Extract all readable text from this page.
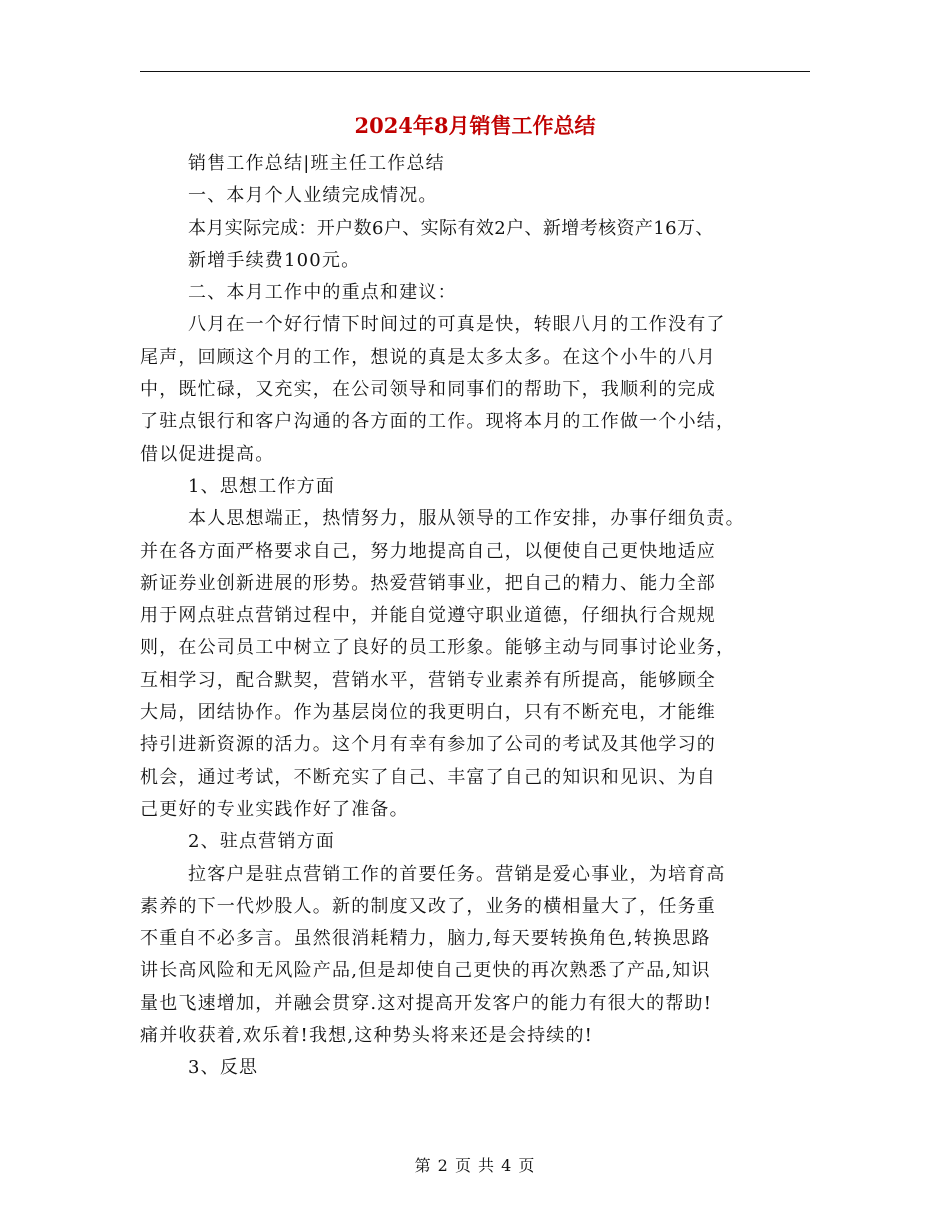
2024年8月销售工作总结
销售工作总结|班主任工作总结
一、本月个人业绩完成情况。
本月实际完成：开户数6户、实际有效2户、新增考核资产16万、
新增手续费100元。
二、本月工作中的重点和建议：
八月在一个好行情下时间过的可真是快，转眼八月的工作没有了
尾声，回顾这个月的工作，想说的真是太多太多。在这个小牛的八月
中，既忙碌，又充实，在公司领导和同事们的帮助下，我顺利的完成
了驻点银行和客户沟通的各方面的工作。现将本月的工作做一个小结，
借以促进提高。
1、思想工作方面
本人思想端正，热情努力，服从领导的工作安排，办事仔细负责。
并在各方面严格要求自己，努力地提高自己，以便使自己更快地适应
新证券业创新进展的形势。热爱营销事业，把自己的精力、能力全部
用于网点驻点营销过程中，并能自觉遵守职业道德，仔细执行合规规
则，在公司员工中树立了良好的员工形象。能够主动与同事讨论业务，
互相学习，配合默契，营销水平，营销专业素养有所提高，能够顾全
大局，团结协作。作为基层岗位的我更明白，只有不断充电，才能维
持引进新资源的活力。这个月有幸有参加了公司的考试及其他学习的
机会，通过考试，不断充实了自己、丰富了自己的知识和见识、为自
己更好的专业实践作好了准备。
2、驻点营销方面
拉客户是驻点营销工作的首要任务。营销是爱心事业，为培育高
素养的下一代炒股人。新的制度又改了，业务的横相量大了，任务重
不重自不必多言。虽然很消耗精力，脑力,每天要转换角色,转换思路
讲长高风险和无风险产品,但是却使自己更快的再次熟悉了产品,知识
量也飞速增加，并融会贯穿.这对提高开发客户的能力有很大的帮助!
痛并收获着,欢乐着!我想,这种势头将来还是会持续的!
3、反思
第 2 页 共 4 页
